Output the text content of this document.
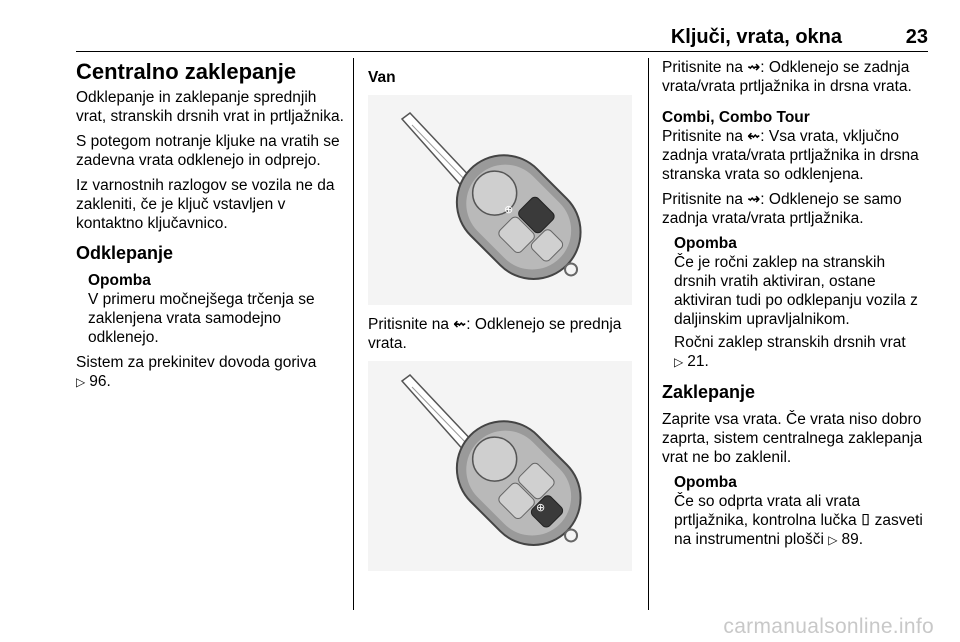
Ključi, vrata, okna	23
Centralno zaklepanje

Odklepanje in zaklepanje sprednjih vrat, stranskih drsnih vrat in prtljažnika.

S potegom notranje kljuke na vratih se zadevna vrata odklenejo in odprejo.

Iz varnostnih razlogov se vozila ne da zakleniti, če je ključ vstavljen v kontaktno ključavnico.

Odklepanje
Opomba
V primeru močnejšega trčenja se zaklenjena vrata samodejno odklenejo.

Sistem za prekinitev dovoda goriva
▷ 96.

Van
⊕

Pritisnite na ⇜: Odklenejo se prednja vrata.

⊕

Pritisnite na ⇝: Odklenejo se zadnja vrata/vrata prtljažnika in drsna vrata.

Combi, Combo Tour

Pritisnite na ⇜: Vsa vrata, vključno zadnja vrata/vrata prtljažnika in drsna stranska vrata so odklenjena.

Pritisnite na ⇝: Odklenejo se samo zadnja vrata/vrata prtljažnika.

Opomba
Če je ročni zaklep na stranskih drsnih vratih aktiviran, ostane aktiviran tudi po odklepanju vozila z daljinskim upravljalnikom.
Ročni zaklep stranskih drsnih vrat
▷ 21.
Zaklepanje

Zaprite vsa vrata. Če vrata niso dobro zaprta, sistem centralnega zaklepanja vrat ne bo zaklenil.

Opomba
Če so odprta vrata ali vrata prtljažnika, kontrolna lučka ⌷ zasveti na instrumentni plošči ▷ 89.
carmanualsonline.info
